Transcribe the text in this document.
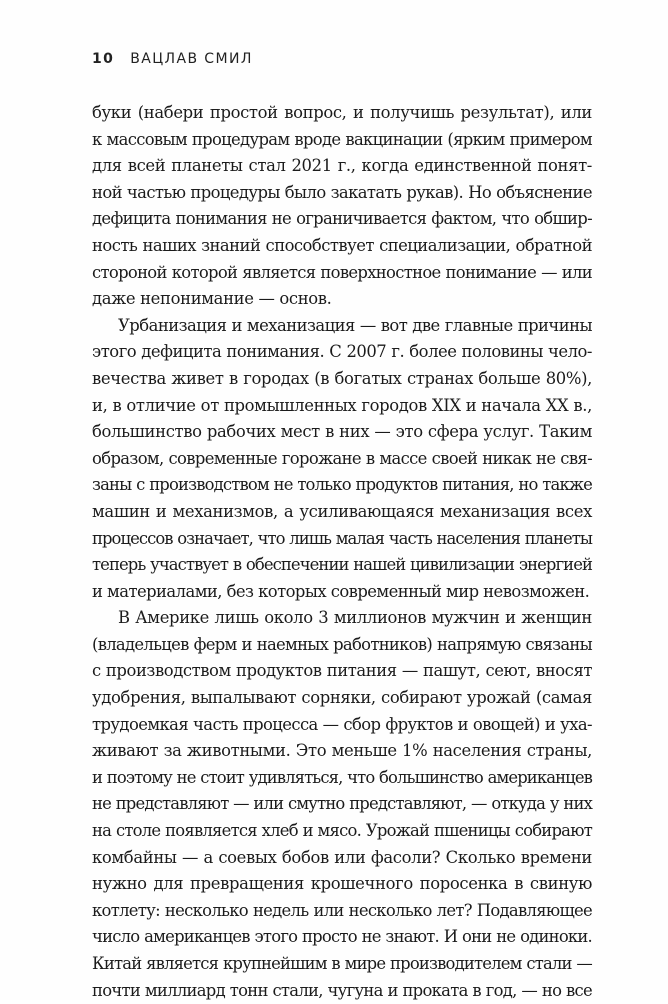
10 ВАЦЛАВ СМИЛ
буки (набери простой вопрос, и получишь результат), или
к массовым процедурам вроде вакцинации (ярким примером
для всей планеты стал 2021 г., когда единственной понят-
ной частью процедуры было закатать рукав). Но объяснение
дефицита понимания не ограничивается фактом, что обшир-
ность наших знаний способствует специализации, обратной
стороной которой является поверхностное понимание — или
даже непонимание — основ.
Урбанизация и механизация — вот две главные причины
этого дефицита понимания. С 2007 г. более половины чело-
вечества живет в городах (в богатых странах больше 80%),
и, в отличие от промышленных городов XIX и начала XX в.,
большинство рабочих мест в них — это сфера услуг. Таким
образом, современные горожане в массе своей никак не свя-
заны с производством не только продуктов питания, но также
машин и механизмов, а усиливающаяся механизация всех
процессов означает, что лишь малая часть населения планеты
теперь участвует в обеспечении нашей цивилизации энергией
и материалами, без которых современный мир невозможен.
В Америке лишь около 3 миллионов мужчин и женщин
(владельцев ферм и наемных работников) напрямую связаны
с производством продуктов питания — пашут, сеют, вносят
удобрения, выпалывают сорняки, собирают урожай (самая
трудоемкая часть процесса — сбор фруктов и овощей) и уха-
живают за животными. Это меньше 1% населения страны,
и поэтому не стоит удивляться, что большинство американцев
не представляют — или смутно представляют, — откуда у них
на столе появляется хлеб и мясо. Урожай пшеницы собирают
комбайны — а соевых бобов или фасоли? Сколько времени
нужно для превращения крошечного поросенка в свиную
котлету: несколько недель или несколько лет? Подавляющее
число американцев этого просто не знают. И они не одиноки.
Китай является крупнейшим в мире производителем стали —
почти миллиард тонн стали, чугуна и проката в год, — но все
